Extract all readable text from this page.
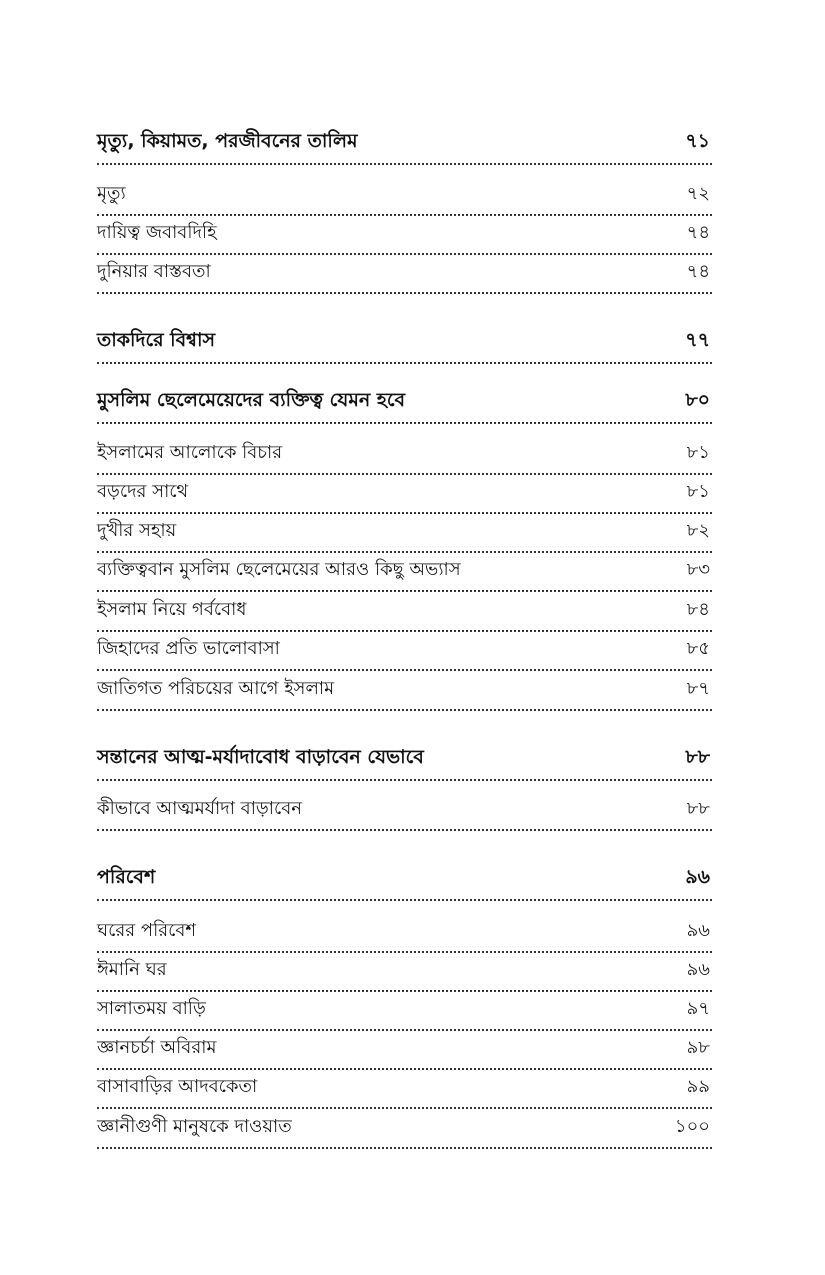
মৃত্যু, কিয়ামত, পরজীবনের তালিম	৭১
মৃত্যু	৭২
দায়িত্ব জবাবদিহি	৭৪
দুনিয়ার বাস্তবতা	৭৪
তাকদিরে বিশ্বাস	৭৭
মুসলিম ছেলেমেয়েদের ব্যক্তিত্ব যেমন হবে	৮০
ইসলামের আলোকে বিচার	৮১
বড়দের সাথে	৮১
দুখীর সহায়	৮২
ব্যক্তিত্ববান মুসলিম ছেলেমেয়ের আরও কিছু অভ্যাস	৮৩
ইসলাম নিয়ে গর্ববোধ	৮৪
জিহাদের প্রতি ভালোবাসা	৮৫
জাতিগত পরিচয়ের আগে ইসলাম	৮৭
সন্তানের আত্ম-মর্যাদাবোধ বাড়াবেন যেভাবে	৮৮
কীভাবে আত্মমর্যাদা বাড়াবেন	৮৮
পরিবেশ	৯৬
ঘরের পরিবেশ	৯৬
ঈমানি ঘর	৯৬
সালাতময় বাড়ি	৯৭
জ্ঞানচর্চা অবিরাম	৯৮
বাসাবাড়ির আদবকেতা	৯৯
জ্ঞানীগুণী মানুষকে দাওয়াত	১০০
